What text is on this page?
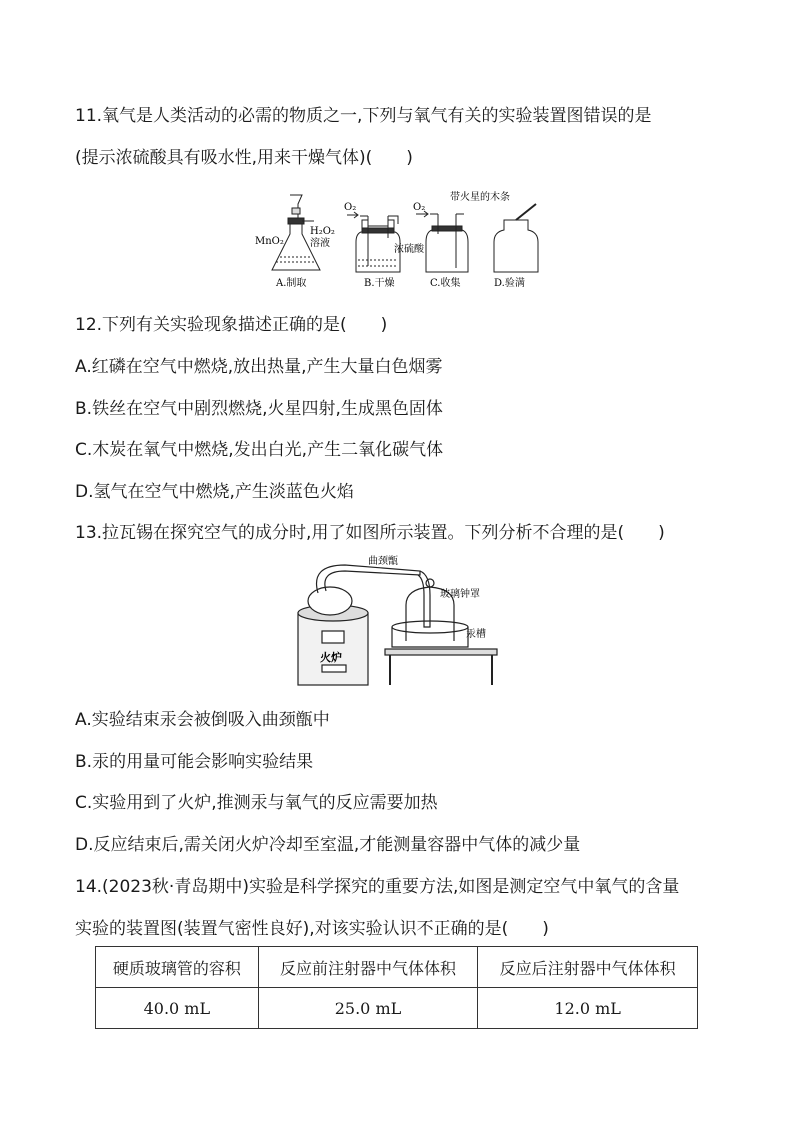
11.氧气是人类活动的必需的物质之一,下列与氧气有关的实验装置图错误的是
(提示浓硫酸具有吸水性,用来干燥气体)(　　)
MnO₂
H₂O₂
溶液
A.制取
O₂
浓硫酸
B.干燥
O₂
C.收集
带火星的木条
D.验满
12.下列有关实验现象描述正确的是(　　)
A.红磷在空气中燃烧,放出热量,产生大量白色烟雾
B.铁丝在空气中剧烈燃烧,火星四射,生成黑色固体
C.木炭在氧气中燃烧,发出白光,产生二氧化碳气体
D.氢气在空气中燃烧,产生淡蓝色火焰
13.拉瓦锡在探究空气的成分时,用了如图所示装置。下列分析不合理的是(　　)
曲颈甑
玻璃钟罩
汞槽
火炉
A.实验结束汞会被倒吸入曲颈甑中
B.汞的用量可能会影响实验结果
C.实验用到了火炉,推测汞与氧气的反应需要加热
D.反应结束后,需关闭火炉冷却至室温,才能测量容器中气体的减少量
14.(2023秋·青岛期中)实验是科学探究的重要方法,如图是测定空气中氧气的含量
实验的装置图(装置气密性良好),对该实验认识不正确的是(　　)
硬质玻璃管的容积	反应前注射器中气体体积	反应后注射器中气体体积
40.0 mL	25.0 mL	12.0 mL
